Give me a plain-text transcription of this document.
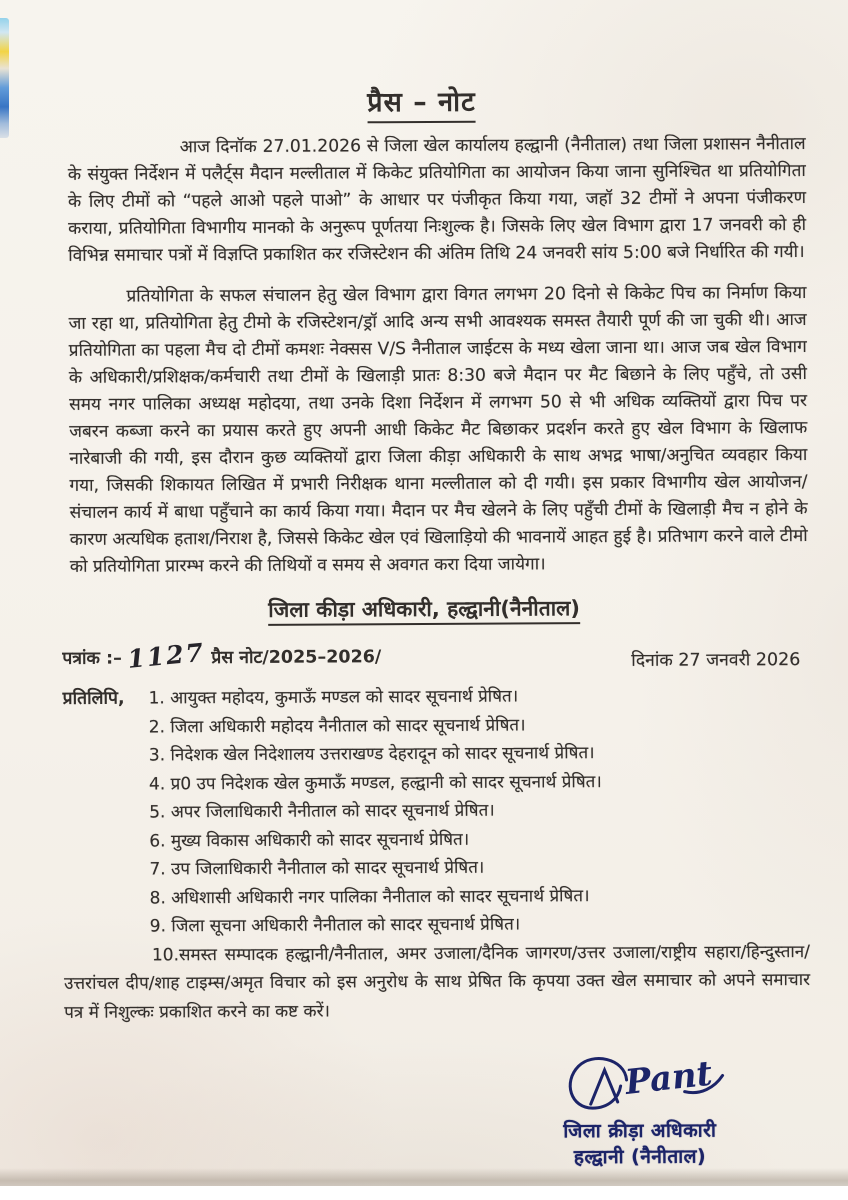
प्रैस – नोट

आज दिनॉक 27.01.2026 से जिला खेल कार्यालय हल्द्वानी (नैनीताल) तथा जिला प्रशासन नैनीताल के संयुक्त निर्देशन में पलैर्ट्स मैदान मल्लीताल में किकेट प्रतियोगिता का आयोजन किया जाना सुनिश्चित था प्रतियोगिता के लिए टीमों को “पहले आओ पहले पाओ” के आधार पर पंजीकृत किया गया, जहॉ 32 टीमों ने अपना पंजीकरण कराया, प्रतियोगिता विभागीय मानको के अनुरूप पूर्णतया निःशुल्क है। जिसके लिए खेल विभाग द्वारा 17 जनवरी को ही विभिन्न समाचार पत्रों में विज्ञप्ति प्रकाशित कर रजिस्टेशन की अंतिम तिथि 24 जनवरी सांय 5:00 बजे निर्धारित की गयी।

प्रतियोगिता के सफल संचालन हेतु खेल विभाग द्वारा विगत लगभग 20 दिनो से किकेट पिच का निर्माण किया जा रहा था, प्रतियोगिता हेतु टीमो के रजिस्टेशन/ड्रॉ आदि अन्य सभी आवश्यक समस्त तैयारी पूर्ण की जा चुकी थी। आज प्रतियोगिता का पहला मैच दो टीमों कमशः नेक्सस V/S नैनीताल जाईटस के मध्य खेला जाना था। आज जब खेल विभाग के अधिकारी/प्रशिक्षक/कर्मचारी तथा टीमों के खिलाड़ी प्रातः 8:30 बजे मैदान पर मैट बिछाने के लिए पहुँचे, तो उसी समय नगर पालिका अध्यक्ष महोदया, तथा उनके दिशा निर्देशन में लगभग 50 से भी अधिक व्यक्तियों द्वारा पिच पर जबरन कब्जा करने का प्रयास करते हुए अपनी आधी किकेट मैट बिछाकर प्रदर्शन करते हुए खेल विभाग के खिलाफ नारेबाजी की गयी, इस दौरान कुछ व्यक्तियों द्वारा जिला कीड़ा अधिकारी के साथ अभद्र भाषा/अनुचित व्यवहार किया गया, जिसकी शिकायत लिखित में प्रभारी निरीक्षक थाना मल्लीताल को दी गयी। इस प्रकार विभागीय खेल आयोजन/संचालन कार्य में बाधा पहुँचाने का कार्य किया गया। मैदान पर मैच खेलने के लिए पहुँची टीमों के खिलाड़ी मैच न होने के कारण अत्यधिक हताश/निराश है, जिससे किकेट खेल एवं खिलाड़ियो की भावनायें आहत हुई है। प्रतिभाग करने वाले टीमो को प्रतियोगिता प्रारम्भ करने की तिथियों व समय से अवगत करा दिया जायेगा।

जिला कीड़ा अधिकारी, हल्द्वानी(नैनीताल)
पत्रांक :– 1127 प्रैस नोट/2025–2026/	दिनांक 27 जनवरी 2026
प्रतिलिपि, 1. आयुक्त महोदय, कुमाऊँ मण्डल को सादर सूचनार्थ प्रेषित।
2. जिला अधिकारी महोदय नैनीताल को सादर सूचनार्थ प्रेषित।
3. निदेशक खेल निदेशालय उत्तराखण्ड देहरादून को सादर सूचनार्थ प्रेषित।
4. प्र0 उप निदेशक खेल कुमाऊँ मण्डल, हल्द्वानी को सादर सूचनार्थ प्रेषित।
5. अपर जिलाधिकारी नैनीताल को सादर सूचनार्थ प्रेषित।
6. मुख्य विकास अधिकारी को सादर सूचनार्थ प्रेषित।
7. उप जिलाधिकारी नैनीताल को सादर सूचनार्थ प्रेषित।
8. अधिशासी अधिकारी नगर पालिका नैनीताल को सादर सूचनार्थ प्रेषित।
9. जिला सूचना अधिकारी नैनीताल को सादर सूचनार्थ प्रेषित।

10.समस्त सम्पादक हल्द्वानी/नैनीताल, अमर उजाला/दैनिक जागरण/उत्तर उजाला/राष्ट्रीय सहारा/हिन्दुस्तान/ उत्तरांचल दीप/शाह टाइम्स/अमृत विचार को इस अनुरोध के साथ प्रेषित कि कृपया उक्त खेल समाचार को अपने समाचार पत्र में निशुल्कः प्रकाशित करने का कष्ट करें।

Pant
जिला क्रीड़ा अधिकारी
हल्द्वानी (नैनीताल)
